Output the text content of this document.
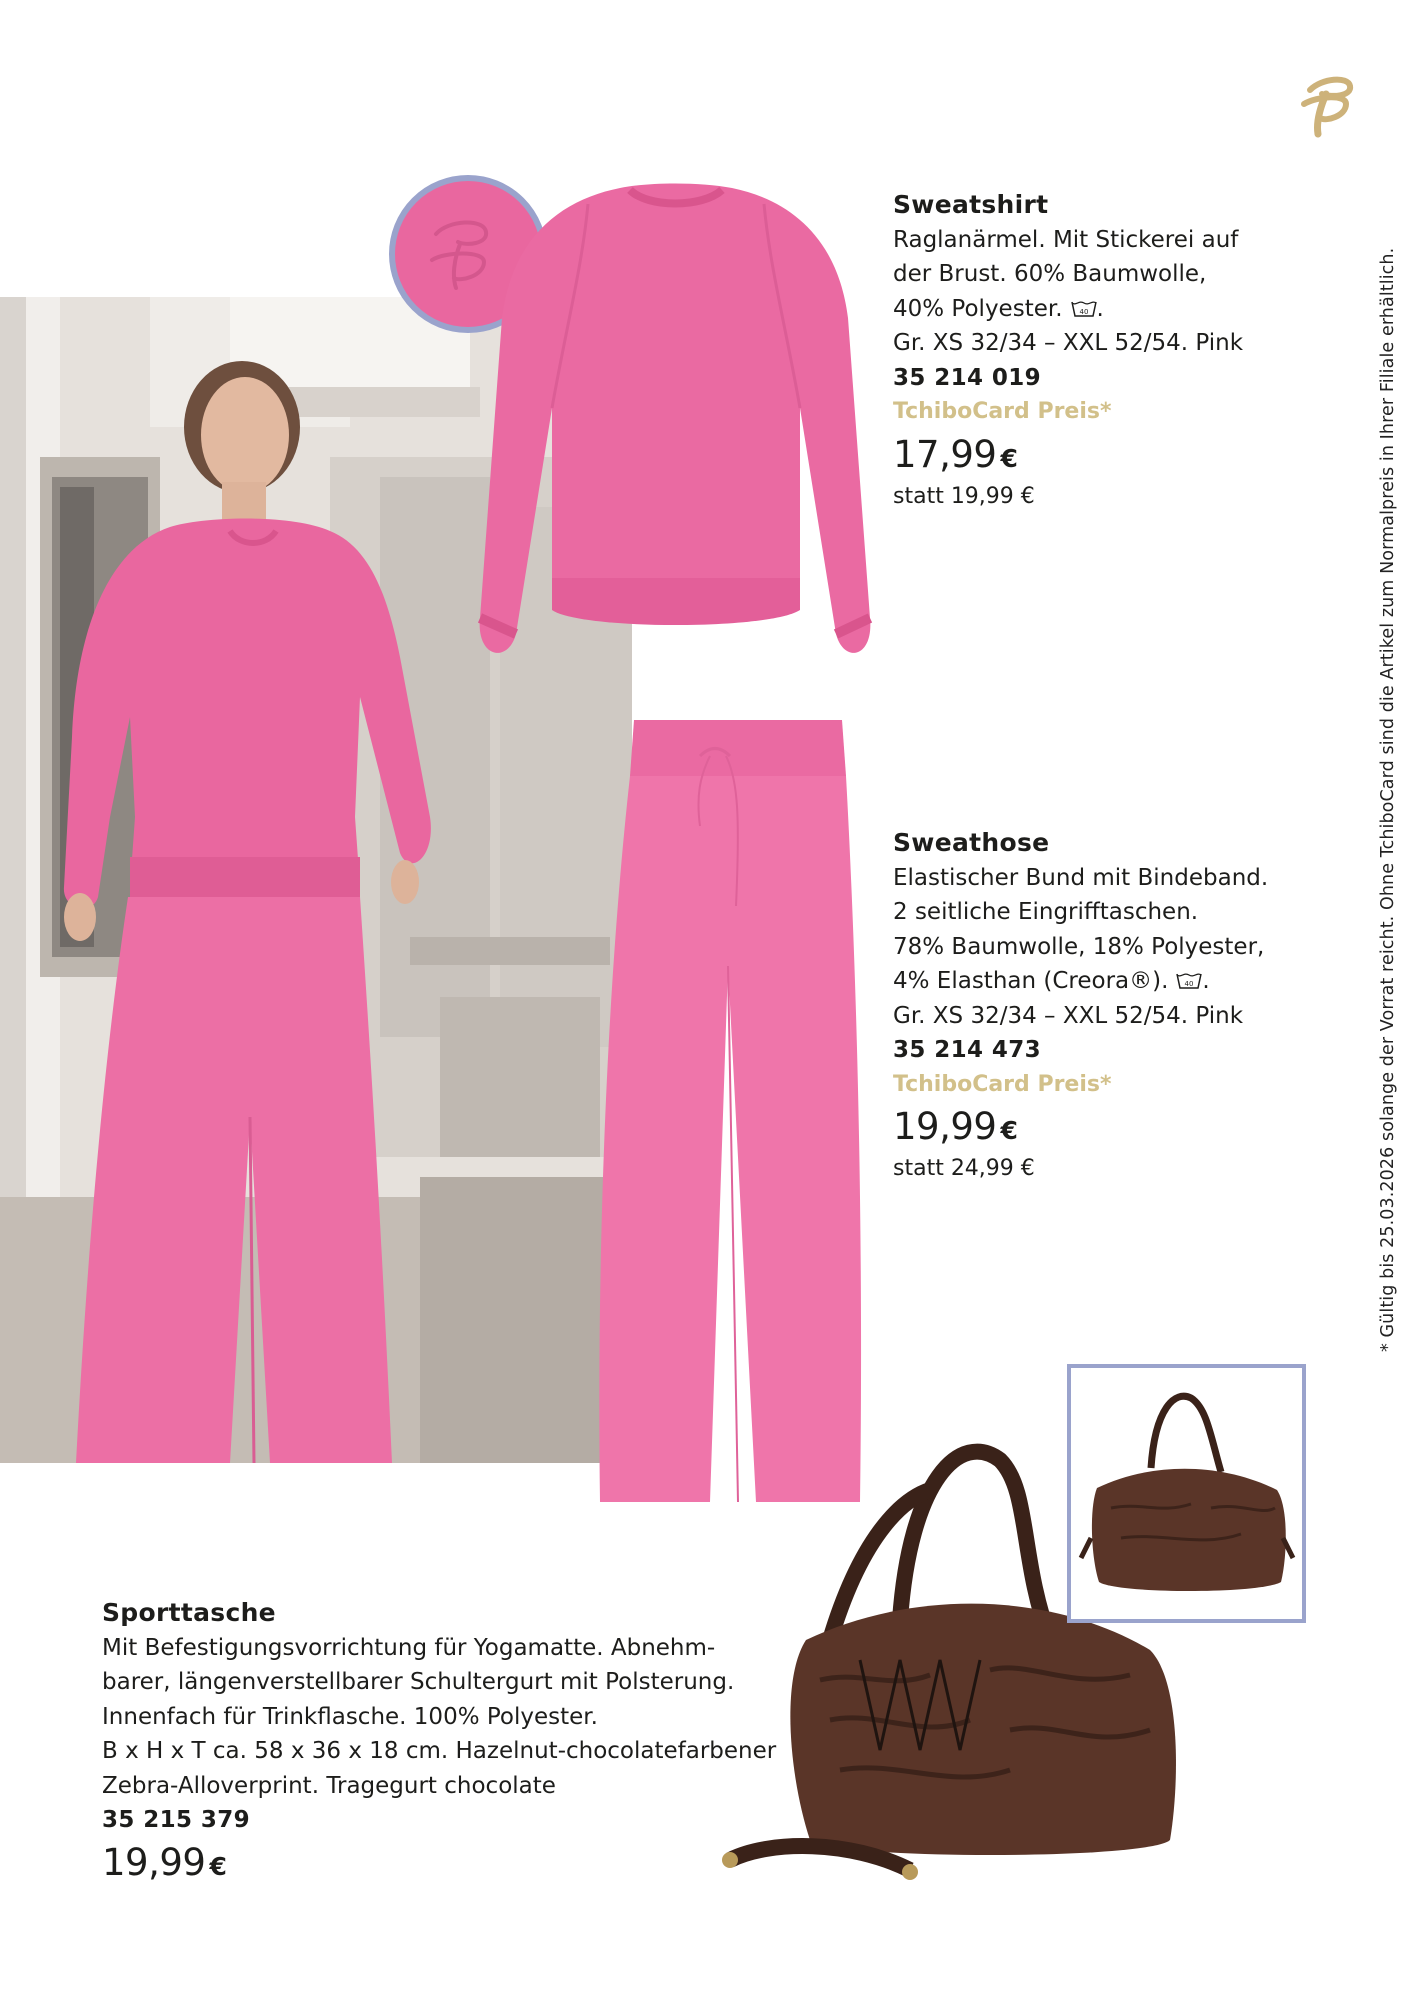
* Gültig bis 25.03.2026 solange der Vorrat reicht. Ohne TchiboCard sind die Artikel zum Normalpreis in Ihrer Filiale erhältlich.
Sweatshirt
Raglanärmel. Mit Stickerei auf
der Brust. 60% Baumwolle,
40% Polyester. 40 .
Gr. XS 32/34 – XXL 52/54. Pink
35 214 019
TchiboCard Preis*
17,99 €
statt 19,99 €
Sweathose
Elastischer Bund mit Bindeband.
2 seitliche Eingrifftaschen.
78% Baumwolle, 18% Polyester,
4% Elasthan (Creora®). 40 .
Gr. XS 32/34 – XXL 52/54. Pink
35 214 473
TchiboCard Preis*
19,99 €
statt 24,99 €
Sporttasche
Mit Befestigungsvorrichtung für Yogamatte. Abnehm-
barer, längenverstellbarer Schultergurt mit Polsterung.
Innenfach für Trinkflasche. 100% Polyester.
B x H x T ca. 58 x 36 x 18 cm. Hazelnut-chocolatefarbener
Zebra-Alloverprint. Tragegurt chocolate
35 215 379
19,99 €
